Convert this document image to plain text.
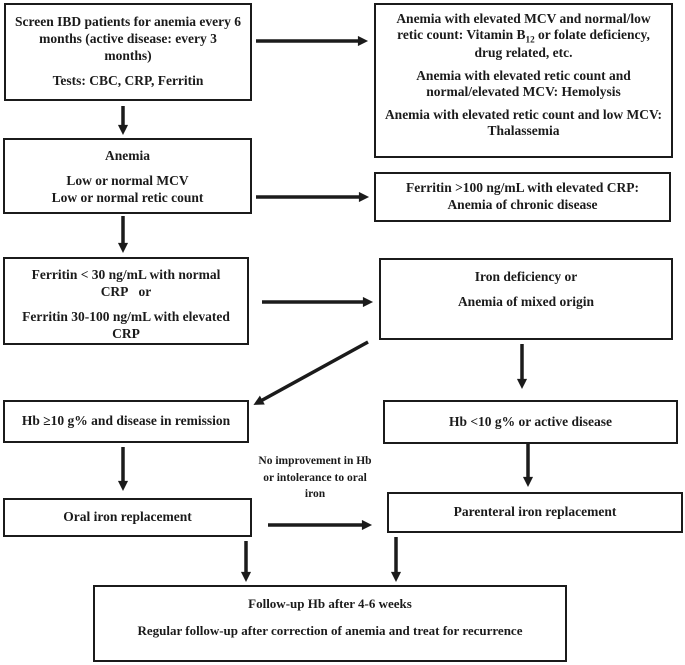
Screen IBD patients for anemia every 6 months (active disease: every 3 months)

Tests: CBC, CRP, Ferritin

Anemia with elevated MCV and normal/low retic count: Vitamin $B_{12}$ or folate deficiency, drug related, etc.

Anemia with elevated retic count and normal/elevated MCV: Hemolysis

Anemia with elevated retic count and low MCV: Thalassemia

Anemia

Low or normal MCV
Low or normal retic count

Ferritin >100 ng/mL with elevated CRP: Anemia of chronic disease

Ferritin < 30 ng/mL with normal CRP   or

Ferritin 30-100 ng/mL with elevated CRP

Iron deficiency or

Anemia of mixed origin

Hb ≥10 g% and disease in remission	Hb <10 g% or active disease

Oral iron replacement	Parenteral iron replacement

Follow-up Hb after 4-6 weeks

Regular follow-up after correction of anemia and treat for recurrence

No improvement in Hb or intolerance to oral iron
